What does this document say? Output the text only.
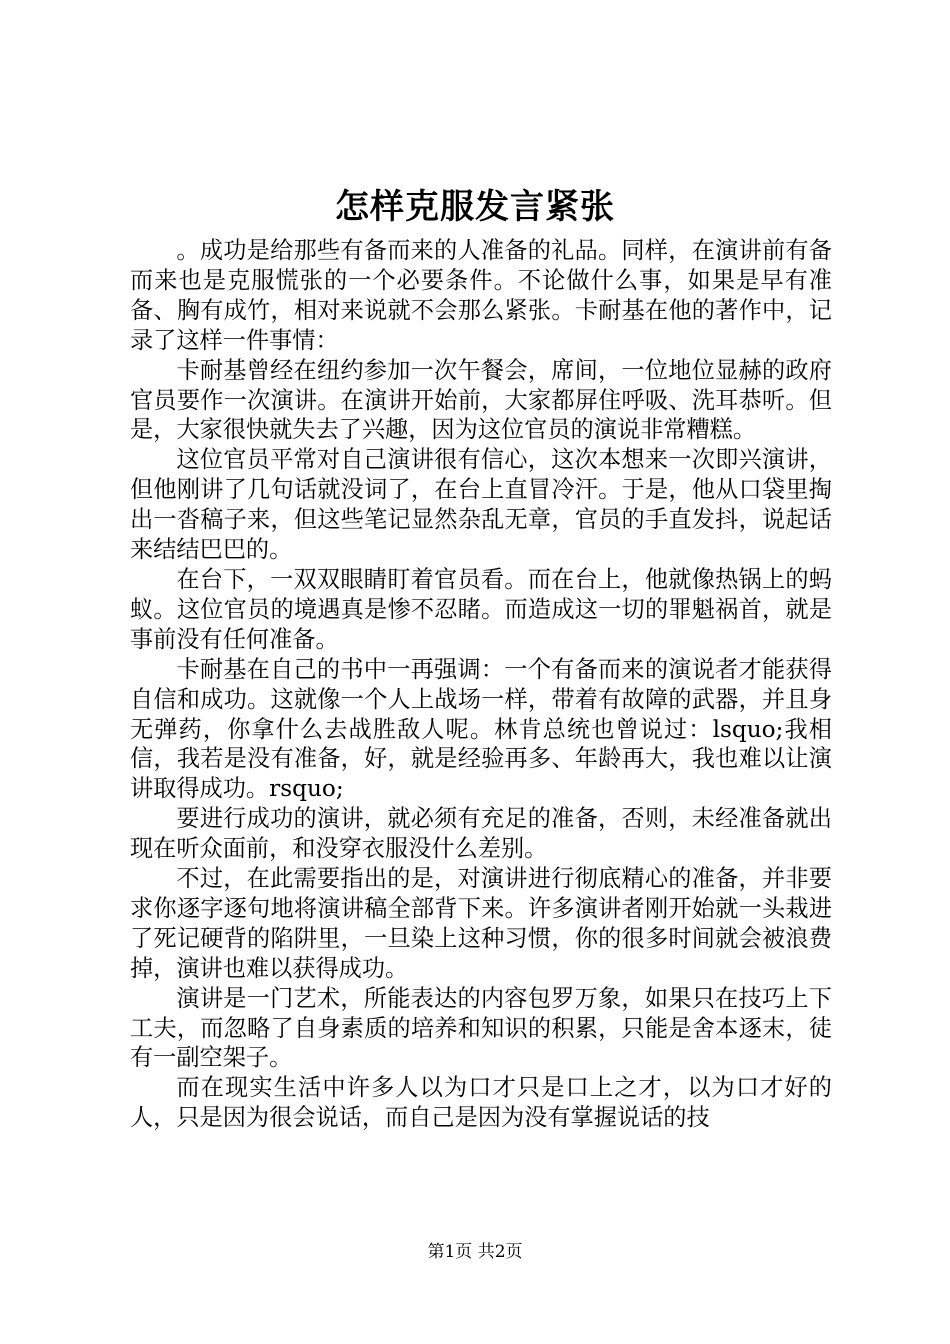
怎样克服发言紧张

。成功是给那些有备而来的人准备的礼品。同样，在演讲前有备而来也是克服慌张的一个必要条件。不论做什么事，如果是早有准备、胸有成竹，相对来说就不会那么紧张。卡耐基在他的著作中，记录了这样一件事情：

卡耐基曾经在纽约参加一次午餐会，席间，一位地位显赫的政府官员要作一次演讲。在演讲开始前，大家都屏住呼吸、洗耳恭听。但是，大家很快就失去了兴趣，因为这位官员的演说非常糟糕。

这位官员平常对自己演讲很有信心，这次本想来一次即兴演讲，但他刚讲了几句话就没词了，在台上直冒冷汗。于是，他从口袋里掏出一沓稿子来，但这些笔记显然杂乱无章，官员的手直发抖，说起话来结结巴巴的。

在台下，一双双眼睛盯着官员看。而在台上，他就像热锅上的蚂蚁。这位官员的境遇真是惨不忍睹。而造成这一切的罪魁祸首，就是事前没有任何准备。

卡耐基在自己的书中一再强调：一个有备而来的演说者才能获得自信和成功。这就像一个人上战场一样，带着有故障的武器，并且身无弹药，你拿什么去战胜敌人呢。林肯总统也曾说过：lsquo;我相信，我若是没有准备，好，就是经验再多、年龄再大，我也难以让演讲取得成功。rsquo;

要进行成功的演讲，就必须有充足的准备，否则，未经准备就出现在听众面前，和没穿衣服没什么差别。

不过，在此需要指出的是，对演讲进行彻底精心的准备，并非要求你逐字逐句地将演讲稿全部背下来。许多演讲者刚开始就一头栽进了死记硬背的陷阱里，一旦染上这种习惯，你的很多时间就会被浪费掉，演讲也难以获得成功。

演讲是一门艺术，所能表达的内容包罗万象，如果只在技巧上下工夫，而忽略了自身素质的培养和知识的积累，只能是舍本逐末，徒有一副空架子。

而在现实生活中许多人以为口才只是口上之才，以为口才好的人，只是因为很会说话，而自己是因为没有掌握说话的技

第1页 共2页
